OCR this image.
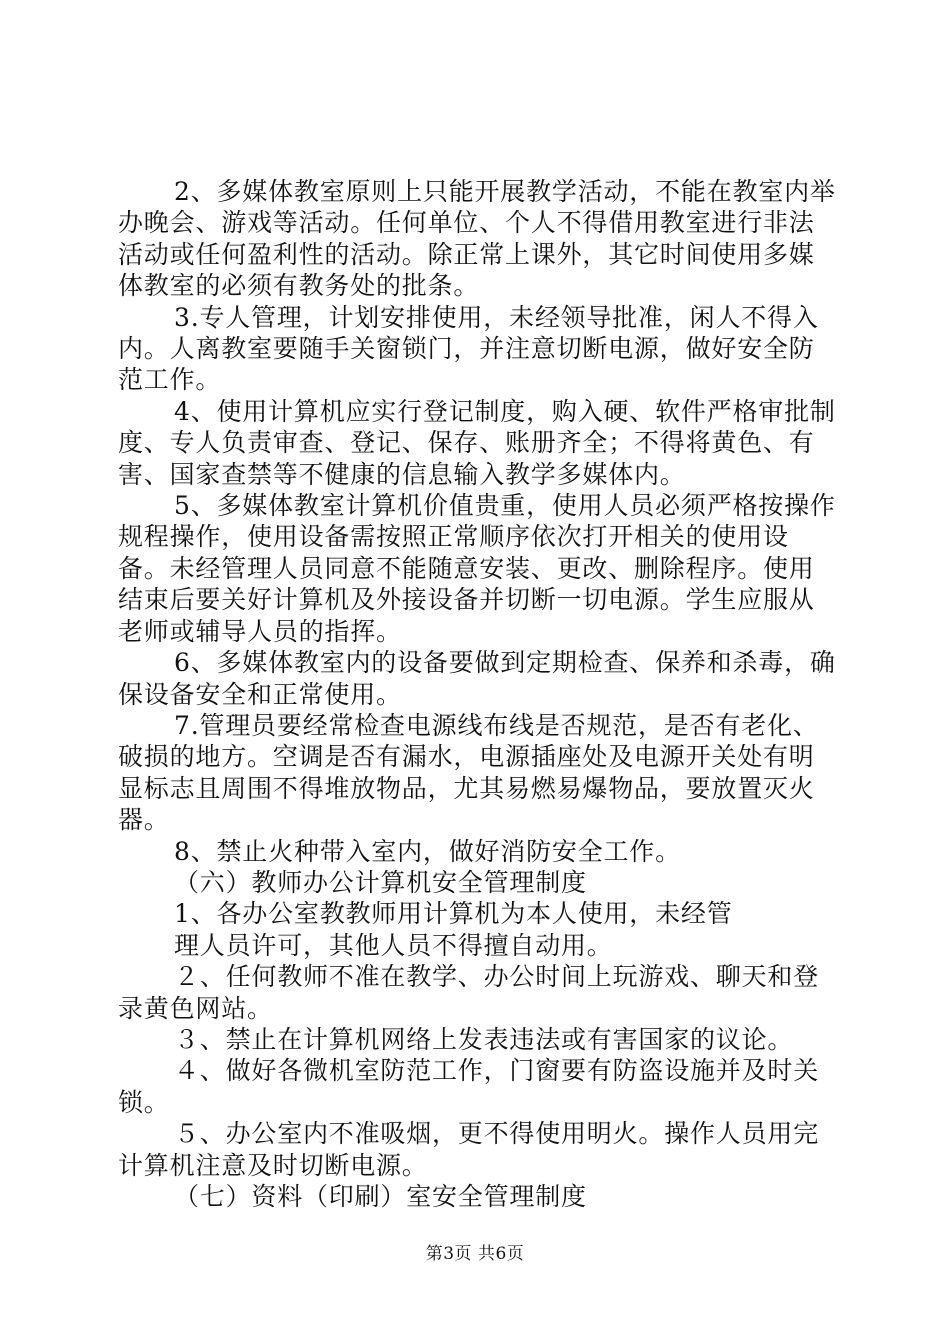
2、多媒体教室原则上只能开展教学活动，不能在教室内举办晚会、游戏等活动。任何单位、个人不得借用教室进行非法活动或任何盈利性的活动。除正常上课外，其它时间使用多媒体教室的必须有教务处的批条。

3.专人管理，计划安排使用，未经领导批准，闲人不得入内。人离教室要随手关窗锁门，并注意切断电源，做好安全防范工作。

4、使用计算机应实行登记制度，购入硬、软件严格审批制度、专人负责审查、登记、保存、账册齐全；不得将黄色、有害、国家查禁等不健康的信息输入教学多媒体内。

5、多媒体教室计算机价值贵重，使用人员必须严格按操作规程操作，使用设备需按照正常顺序依次打开相关的使用设备。未经管理人员同意不能随意安装、更改、删除程序。使用结束后要关好计算机及外接设备并切断一切电源。学生应服从老师或辅导人员的指挥。

6、多媒体教室内的设备要做到定期检查、保养和杀毒，确保设备安全和正常使用。

7.管理员要经常检查电源线布线是否规范，是否有老化、破损的地方。空调是否有漏水，电源插座处及电源开关处有明显标志且周围不得堆放物品，尤其易燃易爆物品，要放置灭火器。

8、禁止火种带入室内，做好消防安全工作。

（六）教师办公计算机安全管理制度

1、各办公室教教师用计算机为本人使用，未经管

理人员许可，其他人员不得擅自动用。

２、任何教师不准在教学、办公时间上玩游戏、聊天和登录黄色网站。

３、禁止在计算机网络上发表违法或有害国家的议论。

４、做好各微机室防范工作，门窗要有防盗设施并及时关锁。

５、办公室内不准吸烟，更不得使用明火。操作人员用完计算机注意及时切断电源。

（七）资料（印刷）室安全管理制度

第3页 共6页
